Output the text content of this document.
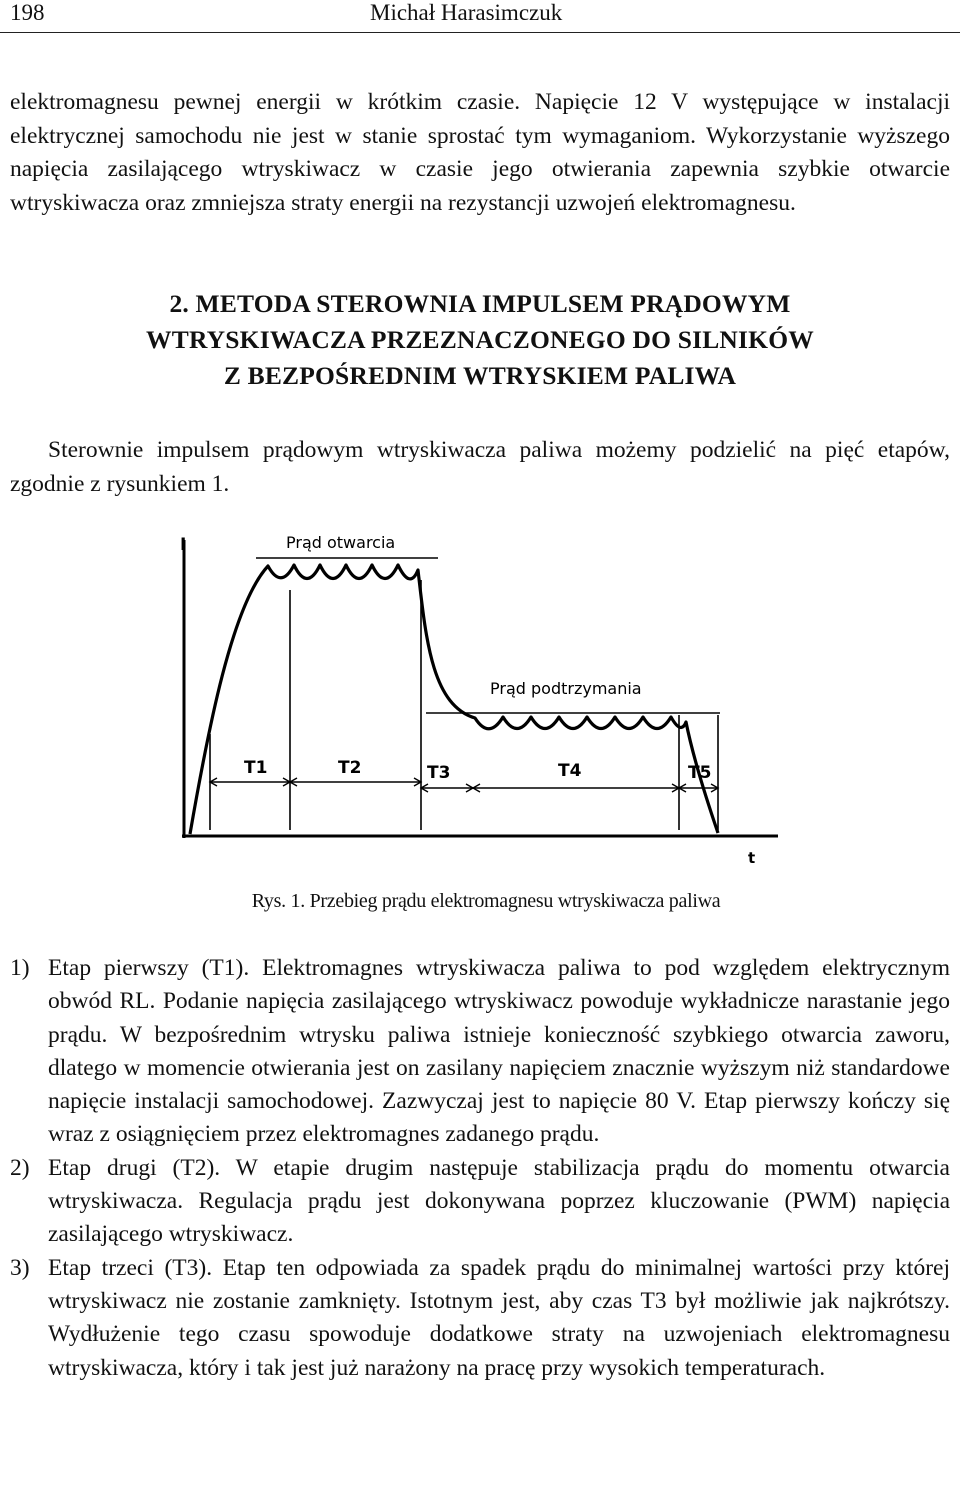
198	Michał Harasimczuk

elektromagnesu pewnej energii w krótkim czasie. Napięcie 12 V występujące w instalacji elektrycznej samochodu nie jest w stanie sprostać tym wymaganiom. Wykorzystanie wyższego napięcia zasilającego wtryskiwacz w czasie jego otwierania zapewnia szybkie otwarcie wtryskiwacza oraz zmniejsza straty energii na rezystancji uzwojeń elektromagnesu.

2. METODA STEROWNIA IMPULSEM PRĄDOWYM
WTRYSKIWACZA PRZEZNACZONEGO DO SILNIKÓW
Z BEZPOŚREDNIM WTRYSKIEM PALIWA

Sterownie impulsem prądowym wtryskiwacza paliwa możemy podzielić na pięć etapów, zgodnie z rysunkiem 1.

I
t
Prąd otwarcia
Prąd podtrzymania
T1	T2	T3	T4	T5
Rys. 1. Przebieg prądu elektromagnesu wtryskiwacza paliwa
1) Etap pierwszy (T1). Elektromagnes wtryskiwacza paliwa to pod względem elektrycznym obwód RL. Podanie napięcia zasilającego wtryskiwacz powoduje wykładnicze narastanie jego prądu. W bezpośrednim wtrysku paliwa istnieje konieczność szybkiego otwarcia zaworu, dlatego w momencie otwierania jest on zasilany napięciem znacznie wyższym niż standardowe napięcie instalacji samochodowej. Zazwyczaj jest to napięcie 80 V. Etap pierwszy kończy się wraz z osiągnięciem przez elektromagnes zadanego prądu.
2) Etap drugi (T2). W etapie drugim następuje stabilizacja prądu do momentu otwarcia wtryskiwacza. Regulacja prądu jest dokonywana poprzez kluczowanie (PWM) napięcia zasilającego wtryskiwacz.
3) Etap trzeci (T3). Etap ten odpowiada za spadek prądu do minimalnej wartości przy której wtryskiwacz nie zostanie zamknięty. Istotnym jest, aby czas T3 był możliwie jak najkrótszy. Wydłużenie tego czasu spowoduje dodatkowe straty na uzwojeniach elektromagnesu wtryskiwacza, który i tak jest już narażony na pracę przy wysokich temperaturach.
